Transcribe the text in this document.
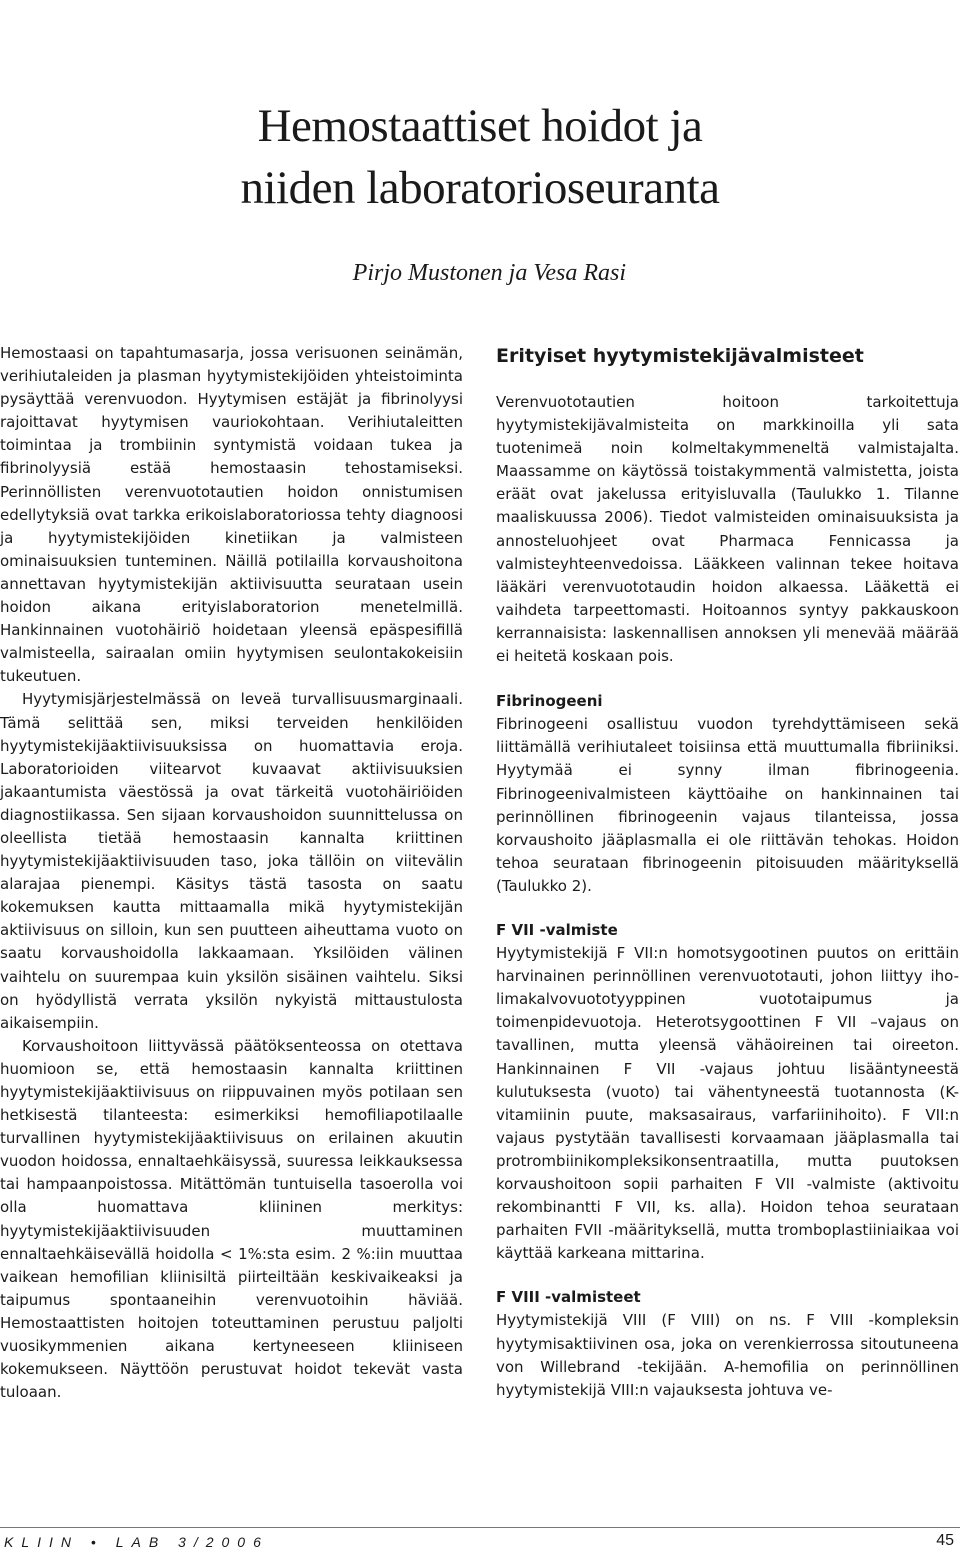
Hemostaattiset hoidot ja
niiden laboratorioseuranta
Pirjo Mustonen ja Vesa Rasi

Hemostaasi on tapahtumasarja, jossa verisuonen seinämän, verihiutaleiden ja plasman hyytymistekijöiden yhteistoiminta pysäyttää verenvuodon. Hyytymisen estäjät ja fibrinolyysi rajoittavat hyytymisen vauriokohtaan. Verihiutaleitten toimintaa ja trombiinin syntymistä voidaan tukea ja fibrinolyysiä estää hemostaasin tehostamiseksi. Perinnöllisten verenvuototautien hoidon onnistumisen edellytyksiä ovat tarkka erikoislaboratoriossa tehty diagnoosi ja hyytymistekijöiden kinetiikan ja valmisteen ominaisuuksien tunteminen. Näillä potilailla korvaushoitona annettavan hyytymistekijän aktiivisuutta seurataan usein hoidon aikana erityislaboratorion menetelmillä. Hankinnainen vuotohäiriö hoidetaan yleensä epäspesifillä valmisteella, sairaalan omiin hyytymisen seulontakokeisiin tukeutuen.

Hyytymisjärjestelmässä on leveä turvallisuusmarginaali. Tämä selittää sen, miksi terveiden henkilöiden hyytymistekijäaktiivisuuksissa on huomattavia eroja. Laboratorioiden viitearvot kuvaavat aktiivisuuksien jakaantumista väestössä ja ovat tärkeitä vuotohäiriöiden diagnostiikassa. Sen sijaan korvaushoidon suunnittelussa on oleellista tietää hemostaasin kannalta kriittinen hyytymistekijäaktiivisuuden taso, joka tällöin on viitevälin alarajaa pienempi. Käsitys tästä tasosta on saatu kokemuksen kautta mittaamalla mikä hyytymistekijän aktiivisuus on silloin, kun sen puutteen aiheuttama vuoto on saatu korvaushoidolla lakkaamaan. Yksilöiden välinen vaihtelu on suurempaa kuin yksilön sisäinen vaihtelu. Siksi on hyödyllistä verrata yksilön nykyistä mittaustulosta aikaisempiin.

Korvaushoitoon liittyvässä päätöksenteossa on otettava huomioon se, että hemostaasin kannalta kriittinen hyytymistekijäaktiivisuus on riippuvainen myös potilaan sen hetkisestä tilanteesta: esimerkiksi hemofiliapotilaalle turvallinen hyytymistekijäaktiivisuus on erilainen akuutin vuodon hoidossa, ennaltaehkäisyssä, suuressa leikkauksessa tai hampaanpoistossa. Mitättömän tuntuisella tasoerolla voi olla huomattava kliininen merkitys: hyytymistekijäaktiivisuuden muuttaminen ennaltaehkäisevällä hoidolla < 1%:sta esim. 2 %:iin muuttaa vaikean hemofilian kliinisiltä piirteiltään keskivaikeaksi ja taipumus spontaaneihin verenvuotoihin häviää. Hemostaattisten hoitojen toteuttaminen perustuu paljolti vuosikymmenien aikana kertyneeseen kliiniseen kokemukseen. Näyttöön perustuvat hoidot tekevät vasta tuloaan.

Erityiset hyytymistekijävalmisteet

Verenvuototautien hoitoon tarkoitettuja hyytymistekijävalmisteita on markkinoilla yli sata tuotenimeä noin kolmeltakymmeneltä valmistajalta. Maassamme on käytössä toistakymmentä valmistetta, joista eräät ovat jakelussa erityisluvalla (Taulukko 1. Tilanne maaliskuussa 2006). Tiedot valmisteiden ominaisuuksista ja annosteluohjeet ovat Pharmaca Fennicassa ja valmisteyhteenvedoissa. Lääkkeen valinnan tekee hoitava lääkäri verenvuototaudin hoidon alkaessa. Lääkettä ei vaihdeta tarpeettomasti. Hoitoannos syntyy pakkauskoon kerrannaisista: laskennallisen annoksen yli menevää määrää ei heitetä koskaan pois.

Fibrinogeeni

Fibrinogeeni osallistuu vuodon tyrehdyttämiseen sekä liittämällä verihiutaleet toisiinsa että muuttumalla fibriiniksi. Hyytymää ei synny ilman fibrinogeenia. Fibrinogeenivalmisteen käyttöaihe on hankinnainen tai perinnöllinen fibrinogeenin vajaus tilanteissa, jossa korvaushoito jääplasmalla ei ole riittävän tehokas. Hoidon tehoa seurataan fibrinogeenin pitoisuuden määrityksellä (Taulukko 2).

F VII -valmiste

Hyytymistekijä F VII:n homotsygootinen puutos on erittäin harvinainen perinnöllinen verenvuototauti, johon liittyy iho-limakalvovuototyyppinen vuototaipumus ja toimenpidevuotoja. Heterotsygoottinen F VII –vajaus on tavallinen, mutta yleensä vähäoireinen tai oireeton. Hankinnainen F VII -vajaus johtuu lisääntyneestä kulutuksesta (vuoto) tai vähentyneestä tuotannosta (K-vitamiinin puute, maksasairaus, varfariinihoito). F VII:n vajaus pystytään tavallisesti korvaamaan jääplasmalla tai protrombiinikompleksikonsentraatilla, mutta puutoksen korvaushoitoon sopii parhaiten F VII -valmiste (aktivoitu rekombinantti F VII, ks. alla). Hoidon tehoa seurataan parhaiten FVII -määrityksellä, mutta tromboplastiiniaikaa voi käyttää karkeana mittarina.

F VIII -valmisteet

Hyytymistekijä VIII (F VIII) on ns. F VIII -kompleksin hyytymisaktiivinen osa, joka on verenkierrossa sitoutuneena von Willebrand -tekijään. A-hemofilia on perinnöllinen hyytymistekijä VIII:n vajauksesta johtuva ve-

KLIIN • LAB 3/2006	45
